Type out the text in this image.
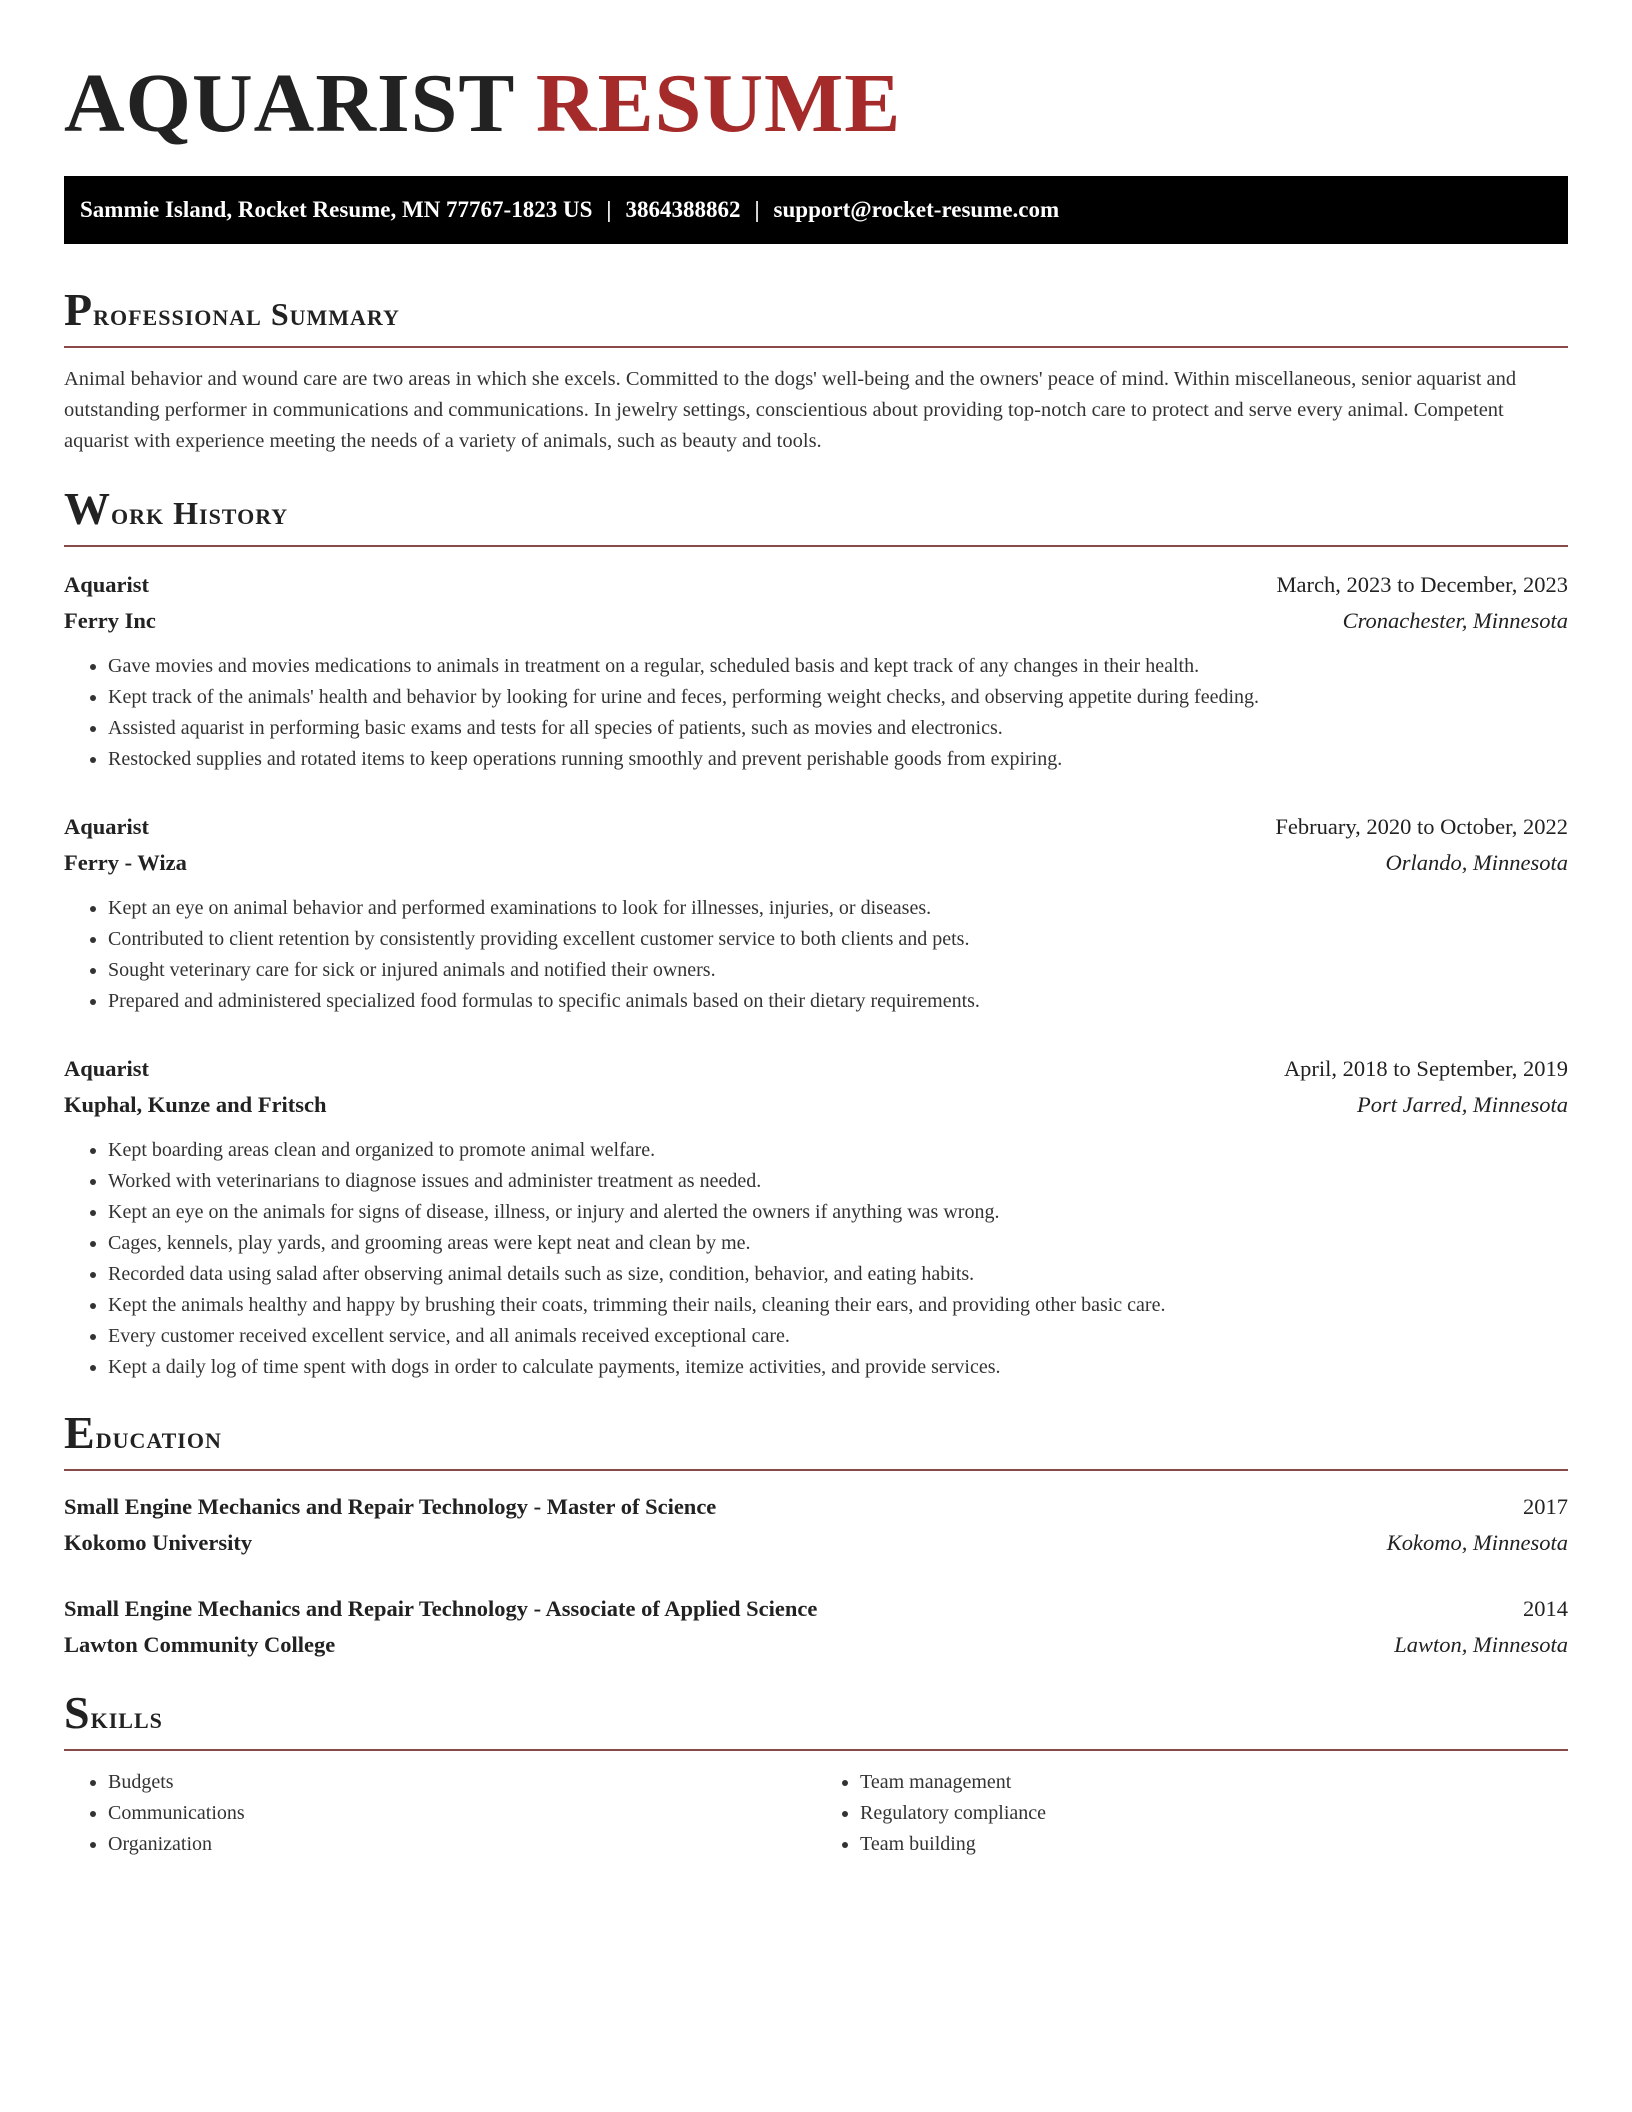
AQUARIST RESUME
Sammie Island, Rocket Resume, MN 77767-1823 US | 3864388862 | support@rocket-resume.com
Professional Summary

Animal behavior and wound care are two areas in which she excels. Committed to the dogs' well-being and the owners' peace of mind. Within miscellaneous, senior aquarist and outstanding performer in communications and communications. In jewelry settings, conscientious about providing top-notch care to protect and serve every animal. Competent aquarist with experience meeting the needs of a variety of animals, such as beauty and tools.

Work History
Aquarist	March, 2023 to December, 2023
Ferry Inc	Cronachester, Minnesota
• Gave movies and movies medications to animals in treatment on a regular, scheduled basis and kept track of any changes in their health.
• Kept track of the animals' health and behavior by looking for urine and feces, performing weight checks, and observing appetite during feeding.
• Assisted aquarist in performing basic exams and tests for all species of patients, such as movies and electronics.
• Restocked supplies and rotated items to keep operations running smoothly and prevent perishable goods from expiring.
Aquarist	February, 2020 to October, 2022
Ferry - Wiza	Orlando, Minnesota
• Kept an eye on animal behavior and performed examinations to look for illnesses, injuries, or diseases.
• Contributed to client retention by consistently providing excellent customer service to both clients and pets.
• Sought veterinary care for sick or injured animals and notified their owners.
• Prepared and administered specialized food formulas to specific animals based on their dietary requirements.
Aquarist	April, 2018 to September, 2019
Kuphal, Kunze and Fritsch	Port Jarred, Minnesota
• Kept boarding areas clean and organized to promote animal welfare.
• Worked with veterinarians to diagnose issues and administer treatment as needed.
• Kept an eye on the animals for signs of disease, illness, or injury and alerted the owners if anything was wrong.
• Cages, kennels, play yards, and grooming areas were kept neat and clean by me.
• Recorded data using salad after observing animal details such as size, condition, behavior, and eating habits.
• Kept the animals healthy and happy by brushing their coats, trimming their nails, cleaning their ears, and providing other basic care.
• Every customer received excellent service, and all animals received exceptional care.
• Kept a daily log of time spent with dogs in order to calculate payments, itemize activities, and provide services.
Education
Small Engine Mechanics and Repair Technology - Master of Science	2017
Kokomo University	Kokomo, Minnesota
Small Engine Mechanics and Repair Technology - Associate of Applied Science	2014
Lawton Community College	Lawton, Minnesota
Skills
• Budgets
• Communications
• Organization
• Team management
• Regulatory compliance
• Team building
